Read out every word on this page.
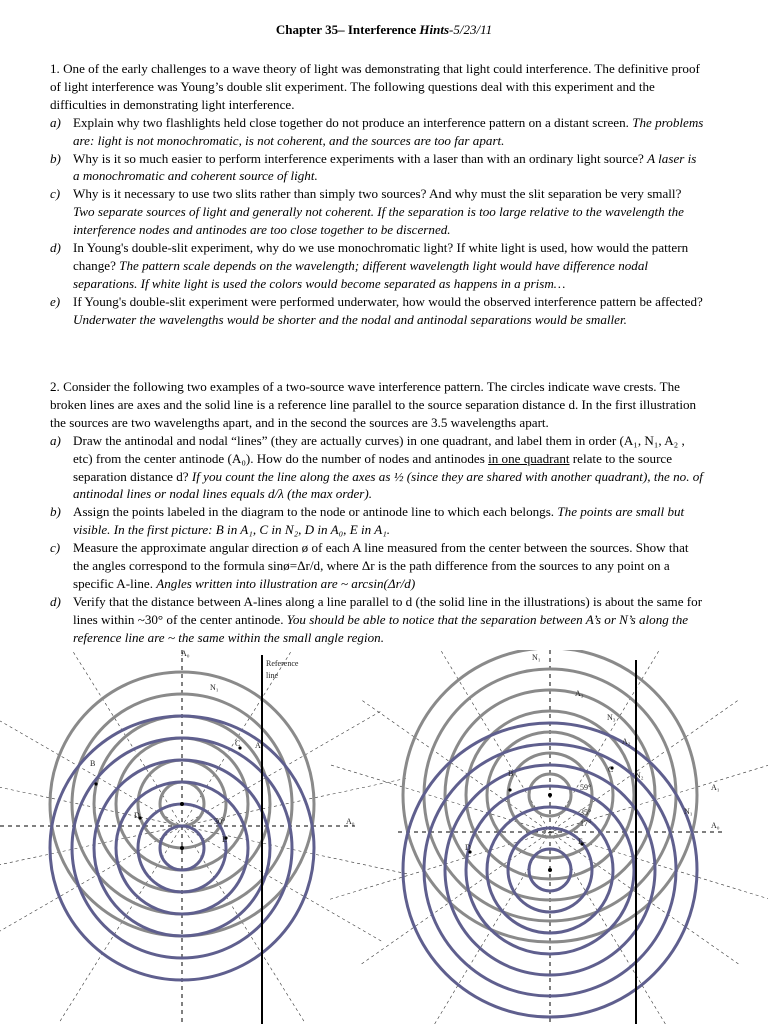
Chapter 35– Interference Hints-5/23/11

1. One of the early challenges to a wave theory of light was demonstrating that light could interference. The definitive proof of light interference was Young’s double slit experiment. The following questions deal with this experiment and the difficulties in demonstrating light interference.

a) Explain why two flashlights held close together do not produce an interference pattern on a distant screen. The problems are: light is not monochromatic, is not coherent, and the sources are too far apart.

b) Why is it so much easier to perform interference experiments with a laser than with an ordinary light source? A laser is a monochromatic and coherent source of light.

c) Why is it necessary to use two slits rather than simply two sources? And why must the slit separation be very small? Two separate sources of light and generally not coherent. If the separation is too large relative to the wavelength the interference nodes and antinodes are too close together to be discerned.

d) In Young's double-slit experiment, why do we use monochromatic light? If white light is used, how would the pattern change? The pattern scale depends on the wavelength; different wavelength light would have difference nodal separations. If white light is used the colors would become separated as happens in a prism…

e) If Young's double-slit experiment were performed underwater, how would the observed interference pattern be affected? Underwater the wavelengths would be shorter and the nodal and antinodal separations would be smaller.

2. Consider the following two examples of a two-source wave interference pattern. The circles indicate wave crests. The broken lines are axes and the solid line is a reference line parallel to the source separation distance d. In the first illustration the sources are two wavelengths apart, and in the second the sources are 3.5 wavelengths apart.

a) Draw the antinodal and nodal “lines” (they are actually curves) in one quadrant, and label them in order (A₁, N₁, A₂ , etc) from the center antinode (A₀). How do the number of nodes and antinodes in one quadrant relate to the source separation distance d? If you count the line along the axes as ½ (since they are shared with another quadrant), the no. of antinodal lines or nodal lines equals d/λ (the max order).

b) Assign the points labeled in the diagram to the node or antinode line to which each belongs. The points are small but visible. In the first picture: B in A₁, C in N₂, D in A₀, E in A₁.

c) Measure the approximate angular direction ø of each A line measured from the center between the sources. Show that the angles correspond to the formula sinø=Δr/d, where Δr is the path difference from the sources to any point on a specific A-line. Angles written into illustration are ~ arcsin(Δr/d)

d) Verify that the distance between A-lines along a line parallel to d (the solid line in the illustrations) is about the same for lines within ~30° of the center antinode. You should be able to notice that the separation between A’s or N’s along the reference line are ~ the same within the small angle region.

A₀
N₁
A₁
B
C
D
E
30°	A₀
Reference
line
N₁
A₃
N₃
A₂
N₂
A₁
N₁
A₀
B	C
D
E
59°
35°
17°
